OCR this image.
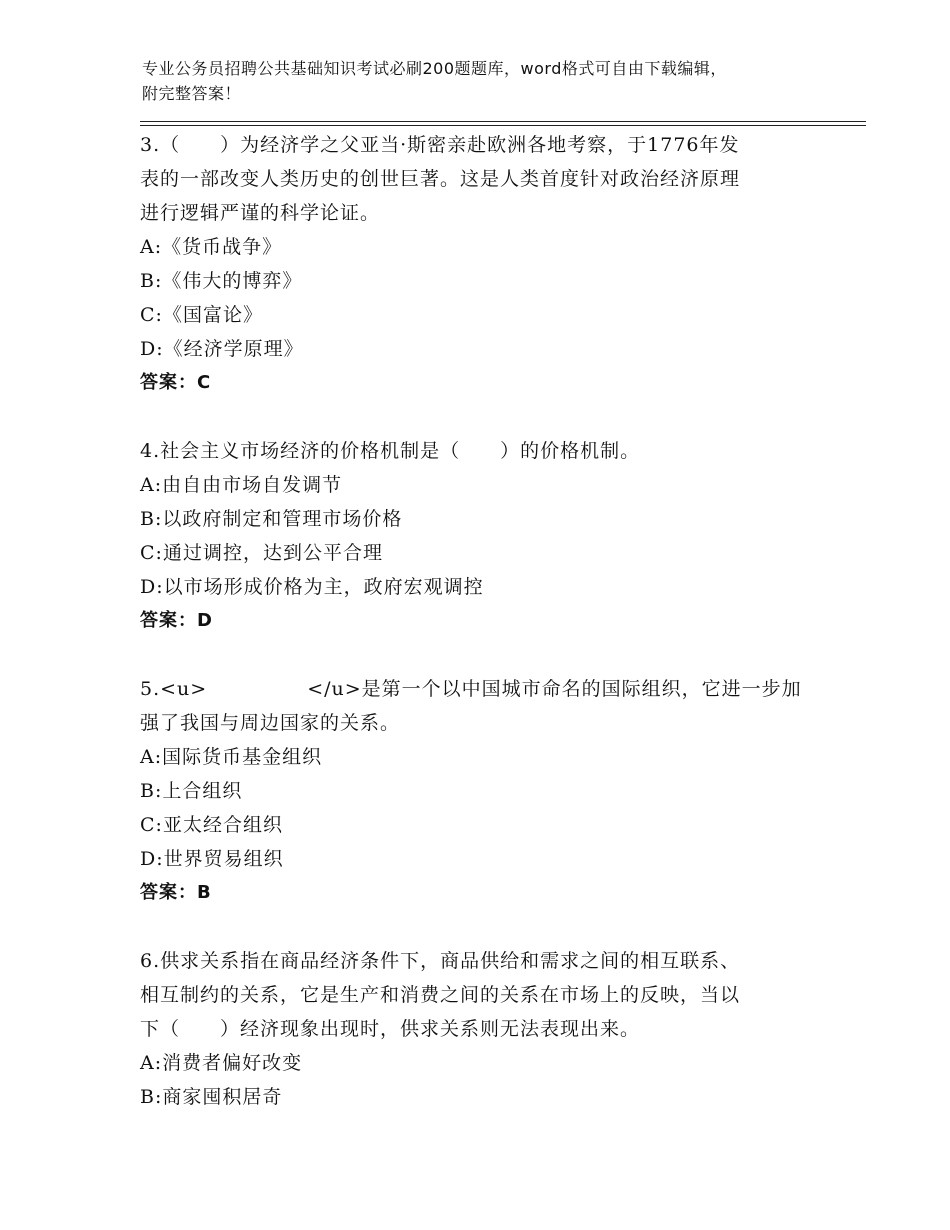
专业公务员招聘公共基础知识考试必刷200题题库，word格式可自由下载编辑，
附完整答案！
3.（　　）为经济学之父亚当·斯密亲赴欧洲各地考察，于1776年发
表的一部改变人类历史的创世巨著。这是人类首度针对政治经济原理
进行逻辑严谨的科学论证。
A:《货币战争》
B:《伟大的博弈》
C:《国富论》
D:《经济学原理》
答案：C
4.社会主义市场经济的价格机制是（　　）的价格机制。
A:由自由市场自发调节
B:以政府制定和管理市场价格
C:通过调控，达到公平合理
D:以市场形成价格为主，政府宏观调控
答案：D
5.<u>　　　　　</u>是第一个以中国城市命名的国际组织，它进一步加
强了我国与周边国家的关系。
A:国际货币基金组织
B:上合组织
C:亚太经合组织
D:世界贸易组织
答案：B
6.供求关系指在商品经济条件下，商品供给和需求之间的相互联系、
相互制约的关系，它是生产和消费之间的关系在市场上的反映，当以
下（　　）经济现象出现时，供求关系则无法表现出来。
A:消费者偏好改变
B:商家囤积居奇
